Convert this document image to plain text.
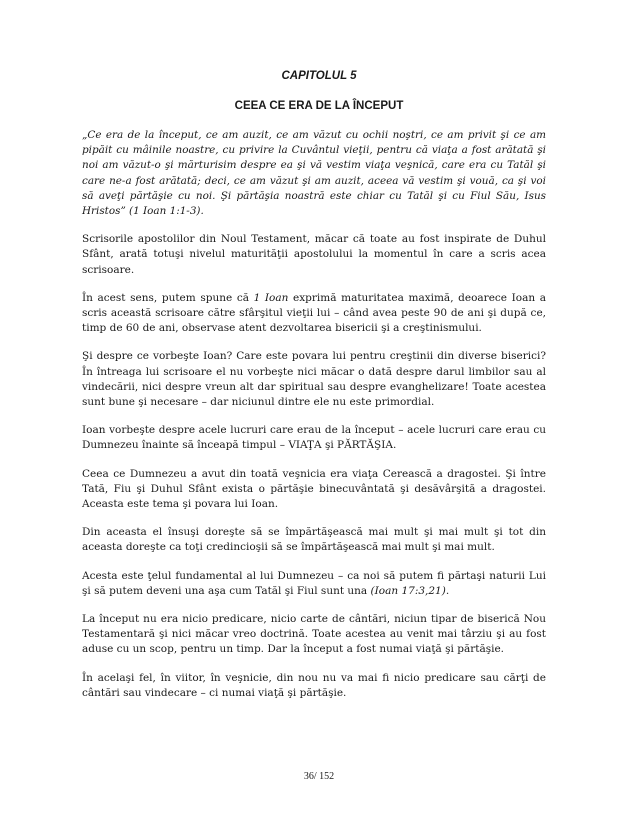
CAPITOLUL 5
CEEA CE ERA DE LA ÎNCEPUT

„Ce era de la început, ce am auzit, ce am văzut cu ochii noştri, ce am privit şi ce am pipăit cu mâinile noastre, cu privire la Cuvântul vieţii, pentru că viaţa a fost arătată şi noi am văzut-o şi mărturisim despre ea şi vă vestim viaţa veşnică, care era cu Tatăl şi care ne-a fost arătată; deci, ce am văzut şi am auzit, aceea vă vestim şi vouă, ca şi voi să aveţi părtăşie cu noi. Şi părtăşia noastră este chiar cu Tatăl şi cu Fiul Său, Isus Hristos” (1 Ioan 1:1-3).

Scrisorile apostolilor din Noul Testament, măcar că toate au fost inspirate de Duhul Sfânt, arată totuşi nivelul maturităţii apostolului la momentul în care a scris acea scrisoare.

În acest sens, putem spune că 1 Ioan exprimă maturitatea maximă, deoarece Ioan a scris această scrisoare către sfârşitul vieţii lui – când avea peste 90 de ani şi după ce, timp de 60 de ani, observase atent dezvoltarea bisericii şi a creştinismului.

Şi despre ce vorbeşte Ioan? Care este povara lui pentru creştinii din diverse biserici? În întreaga lui scrisoare el nu vorbeşte nici măcar o dată despre darul limbilor sau al vindecării, nici despre vreun alt dar spiritual sau despre evanghelizare! Toate acestea sunt bune şi necesare – dar niciunul dintre ele nu este primordial.

Ioan vorbeşte despre acele lucruri care erau de la început – acele lucruri care erau cu Dumnezeu înainte să înceapă timpul – VIAŢA şi PĂRTĂŞIA.

Ceea ce Dumnezeu a avut din toată veşnicia era viaţa Cerească a dragostei. Şi între Tată, Fiu şi Duhul Sfânt exista o părtăşie binecuvântată şi desăvârşită a dragostei. Aceasta este tema şi povara lui Ioan.

Din aceasta el însuşi doreşte să se împărtăşească mai mult şi mai mult şi tot din aceasta doreşte ca toţi credincioşii să se împărtăşească mai mult şi mai mult.

Acesta este ţelul fundamental al lui Dumnezeu – ca noi să putem fi părtaşi naturii Lui şi să putem deveni una aşa cum Tatăl şi Fiul sunt una (Ioan 17:3,21).

La început nu era nicio predicare, nicio carte de cântări, niciun tipar de biserică Nou Testamentară şi nici măcar vreo doctrină. Toate acestea au venit mai târziu şi au fost aduse cu un scop, pentru un timp. Dar la început a fost numai viaţă şi părtăşie.

În acelaşi fel, în viitor, în veşnicie, din nou nu va mai fi nicio predicare sau cărţi de cântări sau vindecare – ci numai viaţă şi părtăşie.

36/ 152
